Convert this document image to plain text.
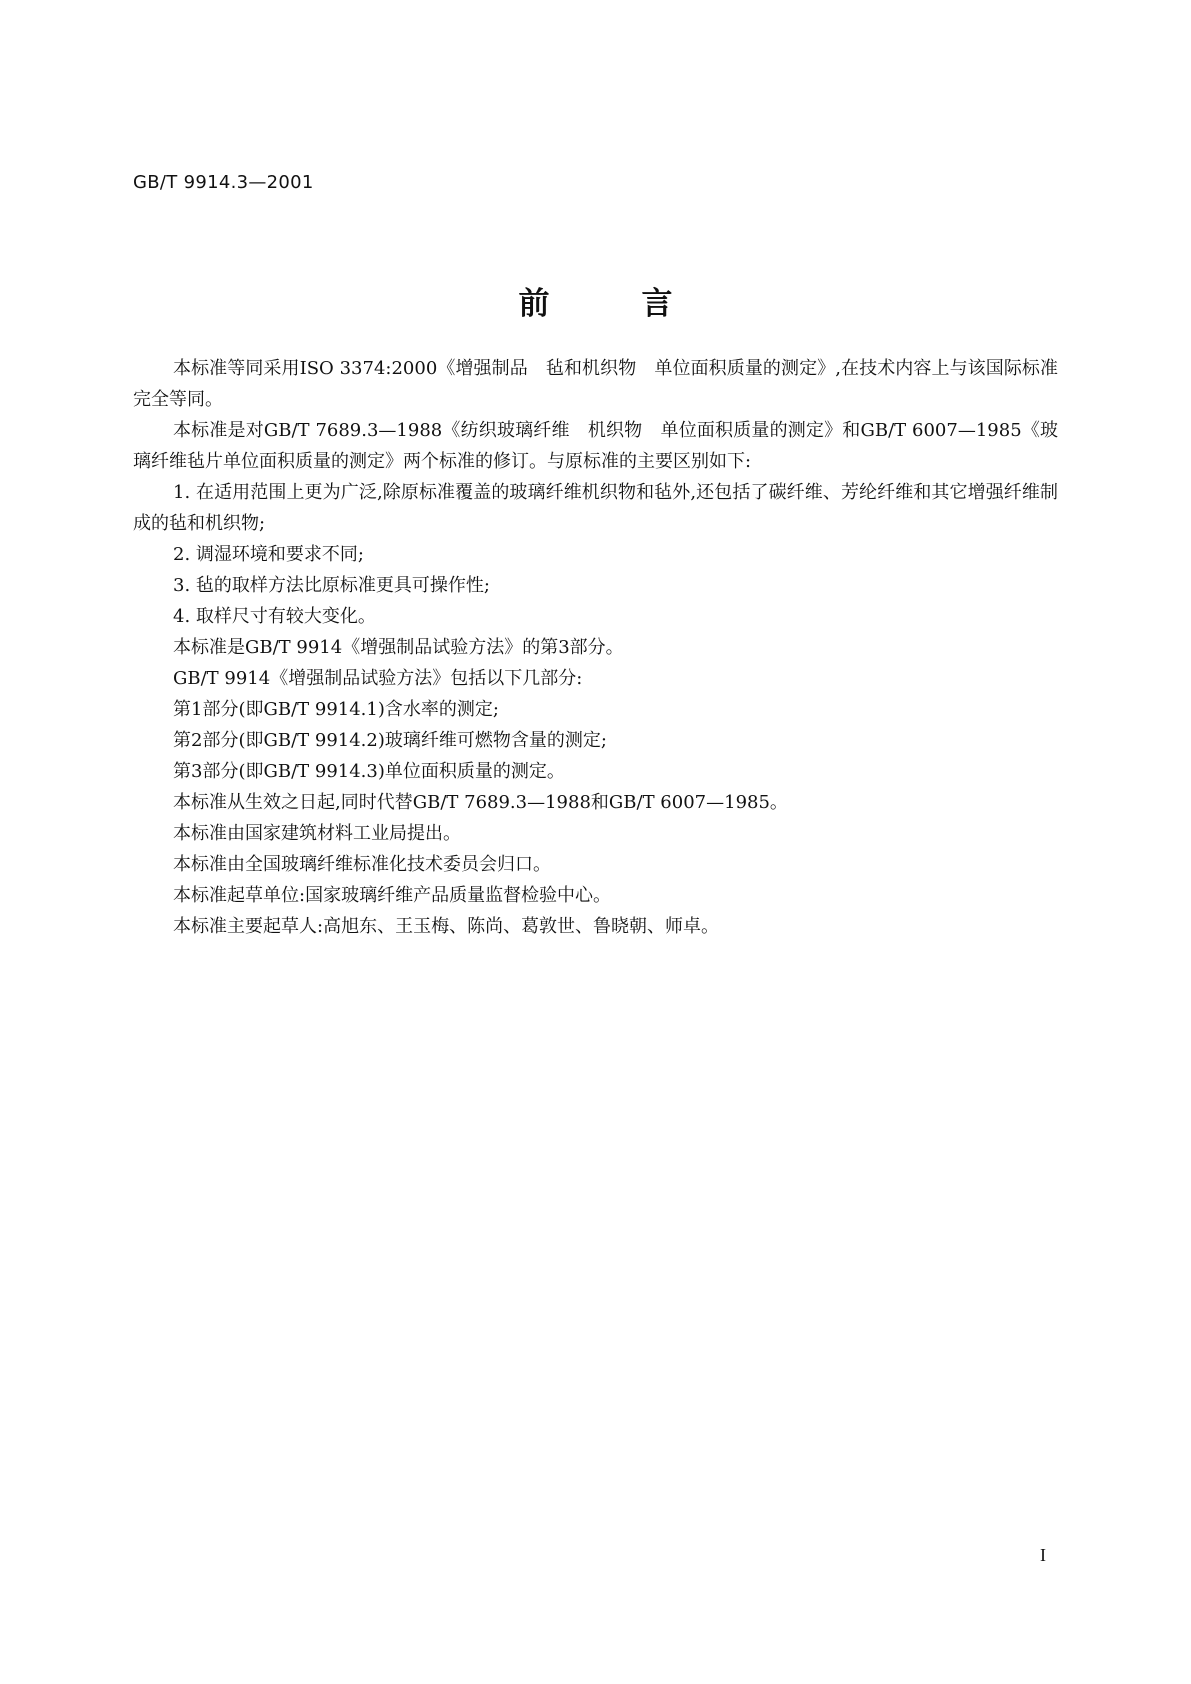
GB/T 9914.3—2001
前言

本标准等同采用ISO 3374:2000《增强制品　毡和机织物　单位面积质量的测定》,在技术内容上与该国际标准完全等同。

本标准是对GB/T 7689.3—1988《纺织玻璃纤维　机织物　单位面积质量的测定》和GB/T 6007—1985《玻璃纤维毡片单位面积质量的测定》两个标准的修订。与原标准的主要区别如下:

1. 在适用范围上更为广泛,除原标准覆盖的玻璃纤维机织物和毡外,还包括了碳纤维、芳纶纤维和其它增强纤维制成的毡和机织物;

2. 调湿环境和要求不同;

3. 毡的取样方法比原标准更具可操作性;

4. 取样尺寸有较大变化。

本标准是GB/T 9914《增强制品试验方法》的第3部分。

GB/T 9914《增强制品试验方法》包括以下几部分:

第1部分(即GB/T 9914.1)含水率的测定;

第2部分(即GB/T 9914.2)玻璃纤维可燃物含量的测定;

第3部分(即GB/T 9914.3)单位面积质量的测定。

本标准从生效之日起,同时代替GB/T 7689.3—1988和GB/T 6007—1985。

本标准由国家建筑材料工业局提出。

本标准由全国玻璃纤维标准化技术委员会归口。

本标准起草单位:国家玻璃纤维产品质量监督检验中心。

本标准主要起草人:高旭东、王玉梅、陈尚、葛敦世、鲁晓朝、师卓。

I
